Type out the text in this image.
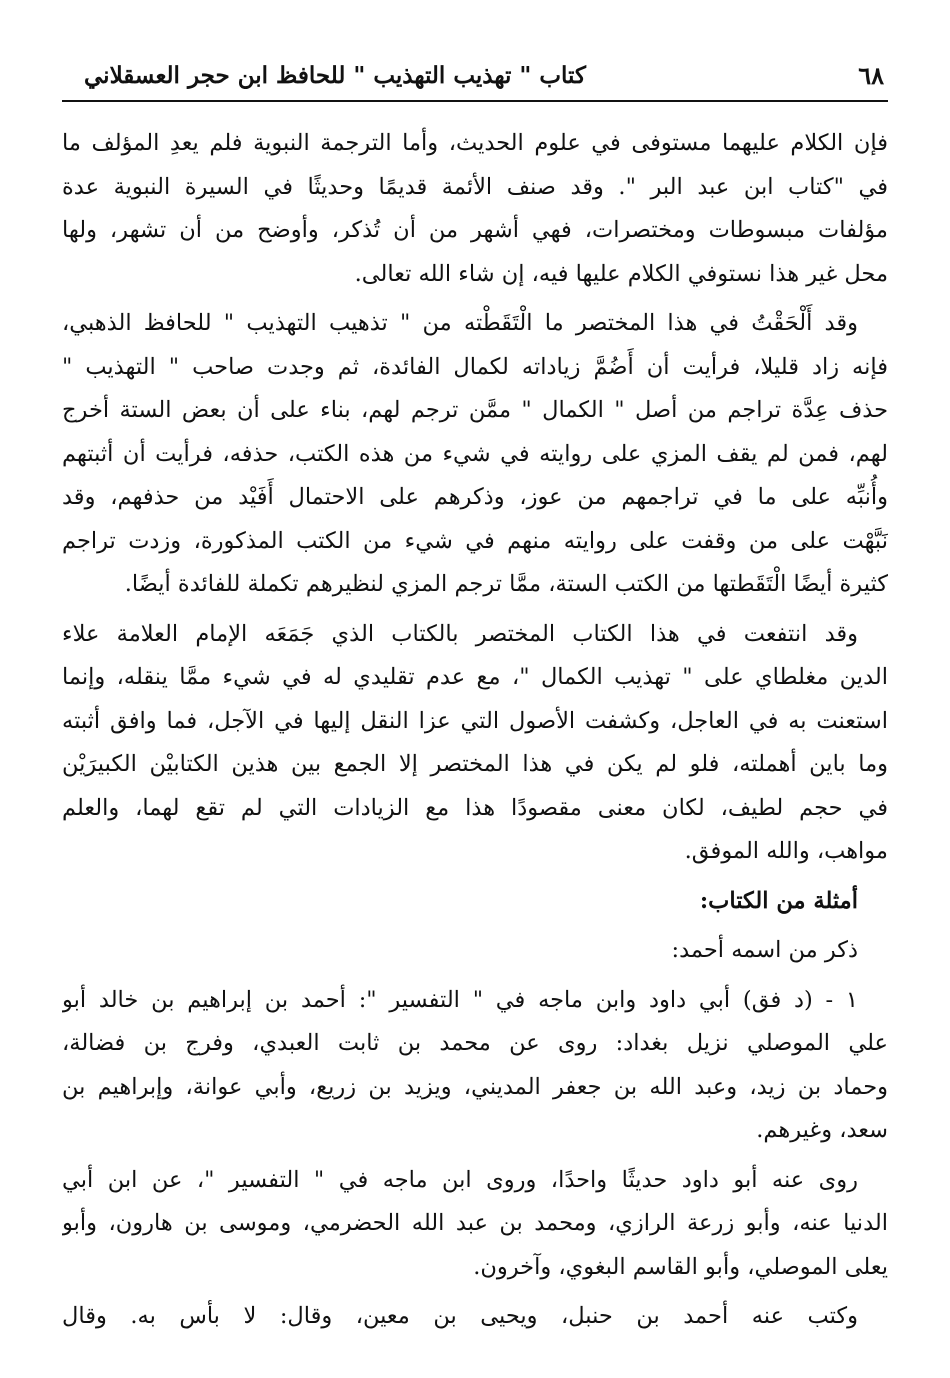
٦٨
كتاب " تهذيب التهذيب " للحافظ ابن حجر العسقلاني
فإن الكلام عليهما مستوفى في علوم الحديث، وأما الترجمة النبوية فلم يعدِ المؤلف ما
في "كتاب ابن عبد البر ". وقد صنف الأئمة قديمًا وحديثًا في السيرة النبوية عدة
مؤلفات مبسوطات ومختصرات، فهي أشهر من أن تُذكر، وأوضح من أن تشهر، ولها
محل غير هذا نستوفي الكلام عليها فيه، إن شاء الله تعالى.
وقد أَلْحَقْتُ في هذا المختصر ما الْتَقَطْته من " تذهيب التهذيب " للحافظ الذهبي،
فإنه زاد قليلا، فرأيت أن أَضُمَّ زياداته لكمال الفائدة، ثم وجدت صاحب " التهذيب "
حذف عِدَّة تراجم من أصل " الكمال " ممَّن ترجم لهم، بناء على أن بعض الستة أخرج
لهم، فمن لم يقف المزي على روايته في شيء من هذه الكتب، حذفه، فرأيت أن أثبتهم
وأُنبِّه على ما في تراجمهم من عوز، وذكرهم على الاحتمال أَفَيْد من حذفهم، وقد
نَبَّهْت على من وقفت على روايته منهم في شيء من الكتب المذكورة، وزدت تراجم
كثيرة أيضًا الْتَقَطتها من الكتب الستة، ممَّا ترجم المزي لنظيرهم تكملة للفائدة أيضًا.
وقد انتفعت في هذا الكتاب المختصر بالكتاب الذي جَمَعَه الإمام العلامة علاء
الدين مغلطاي على " تهذيب الكمال "، مع عدم تقليدي له في شيء ممَّا ينقله، وإنما
استعنت به في العاجل، وكشفت الأصول التي عزا النقل إليها في الآجل، فما وافق أثبته
وما باين أهملته، فلو لم يكن في هذا المختصر إلا الجمع بين هذين الكتابيْن الكبيرَيْن
في حجم لطيف، لكان معنى مقصودًا هذا مع الزيادات التي لم تقع لهما، والعلم
مواهب، والله الموفق.
أمثلة من الكتاب:
ذكر من اسمه أحمد:
١ - (د فق) أبي داود وابن ماجه في " التفسير ": أحمد بن إبراهيم بن خالد أبو
علي الموصلي نزيل بغداد: روى عن محمد بن ثابت العبدي، وفرج بن فضالة،
وحماد بن زيد، وعبد الله بن جعفر المديني، ويزيد بن زريع، وأبي عوانة، وإبراهيم بن
سعد، وغيرهم.
روى عنه أبو داود حديثًا واحدًا، وروى ابن ماجه في " التفسير "، عن ابن أبي
الدنيا عنه، وأبو زرعة الرازي، ومحمد بن عبد الله الحضرمي، وموسى بن هارون، وأبو
يعلى الموصلي، وأبو القاسم البغوي، وآخرون.
وكتب عنه أحمد بن حنبل، ويحيى بن معين، وقال: لا بأس به. وقال
